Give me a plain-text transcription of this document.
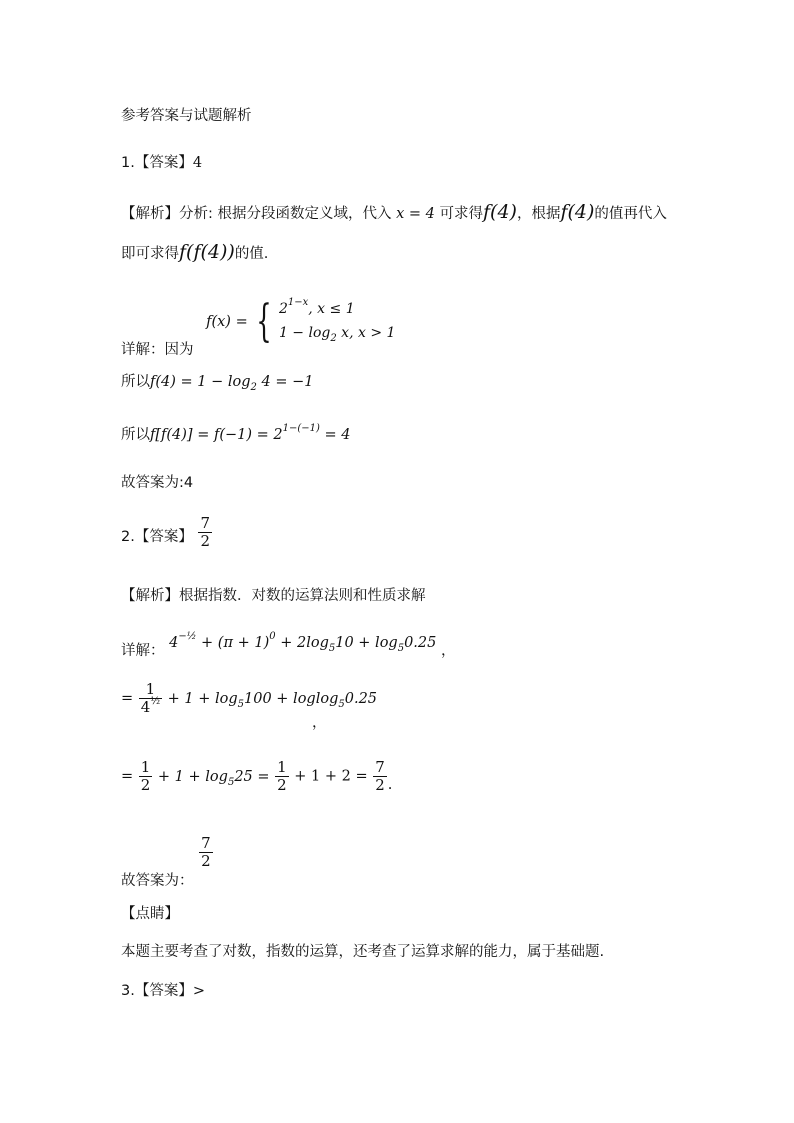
参考答案与试题解析
1.【答案】4
【解析】分析: 根据分段函数定义域，代入 x = 4 可求得f(4)，根据f(4)的值再代入
即可求得f(f(4))的值.
详解：因为 f(x) = { $2^{1-x}$, x ≤ 1
$1 - \log_2 x$, x > 1
所以$f(4) = 1 - \log_2 4 = -1$
所以$f[f(4)] = f(-1) = 2^{1-(-1)} = 4$
故答案为:4
2.【答案】 $\frac{7}{2}$
【解析】根据指数．对数的运算法则和性质求解
详解： $4^{-\frac{1}{2}} + (\pi + 1)^0 + 2\log_510 + \log_50.25$ ，
= $\frac{1}{4^{\frac{1}{2}}} + 1 + \log_5100 + loglog_50.25$
，
= $\frac{1}{2} + 1 + \log_525 = \frac{1}{2} + 1 + 2 = \frac{7}{2}$ .
故答案为：
$\frac{7}{2}$
【点睛】
本题主要考查了对数，指数的运算，还考查了运算求解的能力，属于基础题.
3.【答案】>
